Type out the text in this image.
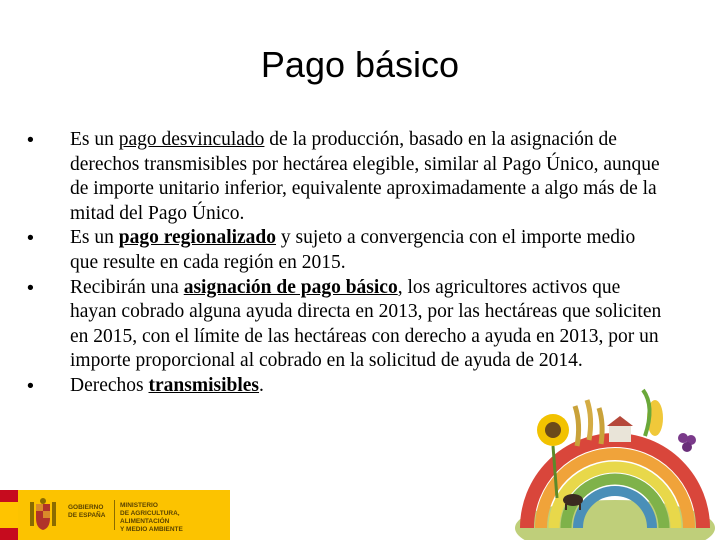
Pago básico
•	Es un pago desvinculado de la producción, basado en la asignación de derechos transmisibles por hectárea elegible, similar al Pago Único, aunque de importe unitario inferior, equivalente aproximadamente a algo más de la mitad del Pago Único.
•	Es un pago regionalizado y sujeto a convergencia con el importe medio que resulte en cada región en 2015.
•	Recibirán una asignación de pago básico, los agricultores activos que hayan cobrado alguna ayuda directa en 2013, por las hectáreas que soliciten en 2015, con el límite de las hectáreas con derecho a ayuda en 2013, por un importe proporcional al cobrado en la solicitud de ayuda de 2014.
•	Derechos transmisibles.
GOBIERNO
DE ESPAÑA
MINISTERIO
DE AGRICULTURA, ALIMENTACIÓN
Y MEDIO AMBIENTE
